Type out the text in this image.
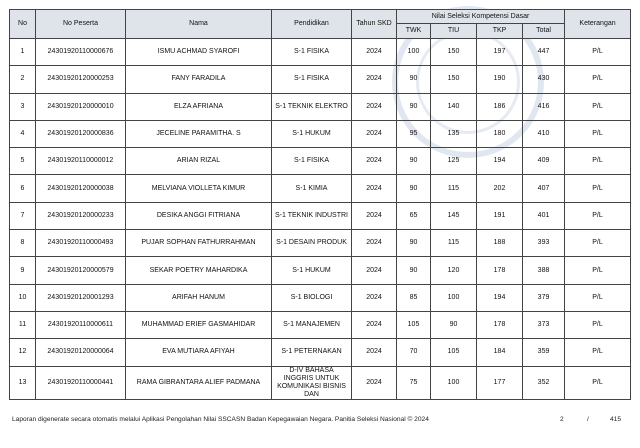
No	No Peserta	Nama	Pendidikan	Tahun SKD	Nilai Seleksi Kompetensi Dasar				Keterangan
					TWK	TIU	TKP	Total	
1	24301920110000676	ISMU ACHMAD SYAROFI	S-1 FISIKA	2024	100	150	197	447	P/L
2	24301920120000253	FANY FARADILA	S-1 FISIKA	2024	90	150	190	430	P/L
3	24301920120000010	ELZA AFRIANA	S-1 TEKNIK ELEKTRO	2024	90	140	186	416	P/L
4	24301920120000836	JECELINE PARAMITHA. S	S-1 HUKUM	2024	95	135	180	410	P/L
5	24301920110000012	ARIAN RIZAL	S-1 FISIKA	2024	90	125	194	409	P/L
6	24301920120000038	MELVIANA VIOLLETA KIMUR	S-1 KIMIA	2024	90	115	202	407	P/L
7	24301920120000233	DESIKA ANGGI FITRIANA	S-1 TEKNIK INDUSTRI	2024	65	145	191	401	P/L
8	24301920110000493	PUJAR SOPHAN FATHURRAHMAN	S-1 DESAIN PRODUK	2024	90	115	188	393	P/L
9	24301920120000579	SEKAR POETRY MAHARDIKA	S-1 HUKUM	2024	90	120	178	388	P/L
10	24301920120001293	ARIFAH HANUM	S-1 BIOLOGI	2024	85	100	194	379	P/L
11	24301920110000611	MUHAMMAD ERIEF GASMAHIDAR	S-1 MANAJEMEN	2024	105	90	178	373	P/L
12	24301920120000064	EVA MUTIARA AFIYAH	S-1 PETERNAKAN	2024	70	105	184	359	P/L
13	24301920110000441	RAMA GIBRANTARA ALIEF PADMANA	D-IV BAHASA INGGRIS UNTUK KOMUNIKASI BISNIS DAN	2024	75	100	177	352	P/L
Laporan digenerate secara otomatis melalui Aplikasi Pengolahan Nilai SSCASN Badan Kepegawaian Negara. Panitia Seleksi Nasional © 2024	2	/	415
